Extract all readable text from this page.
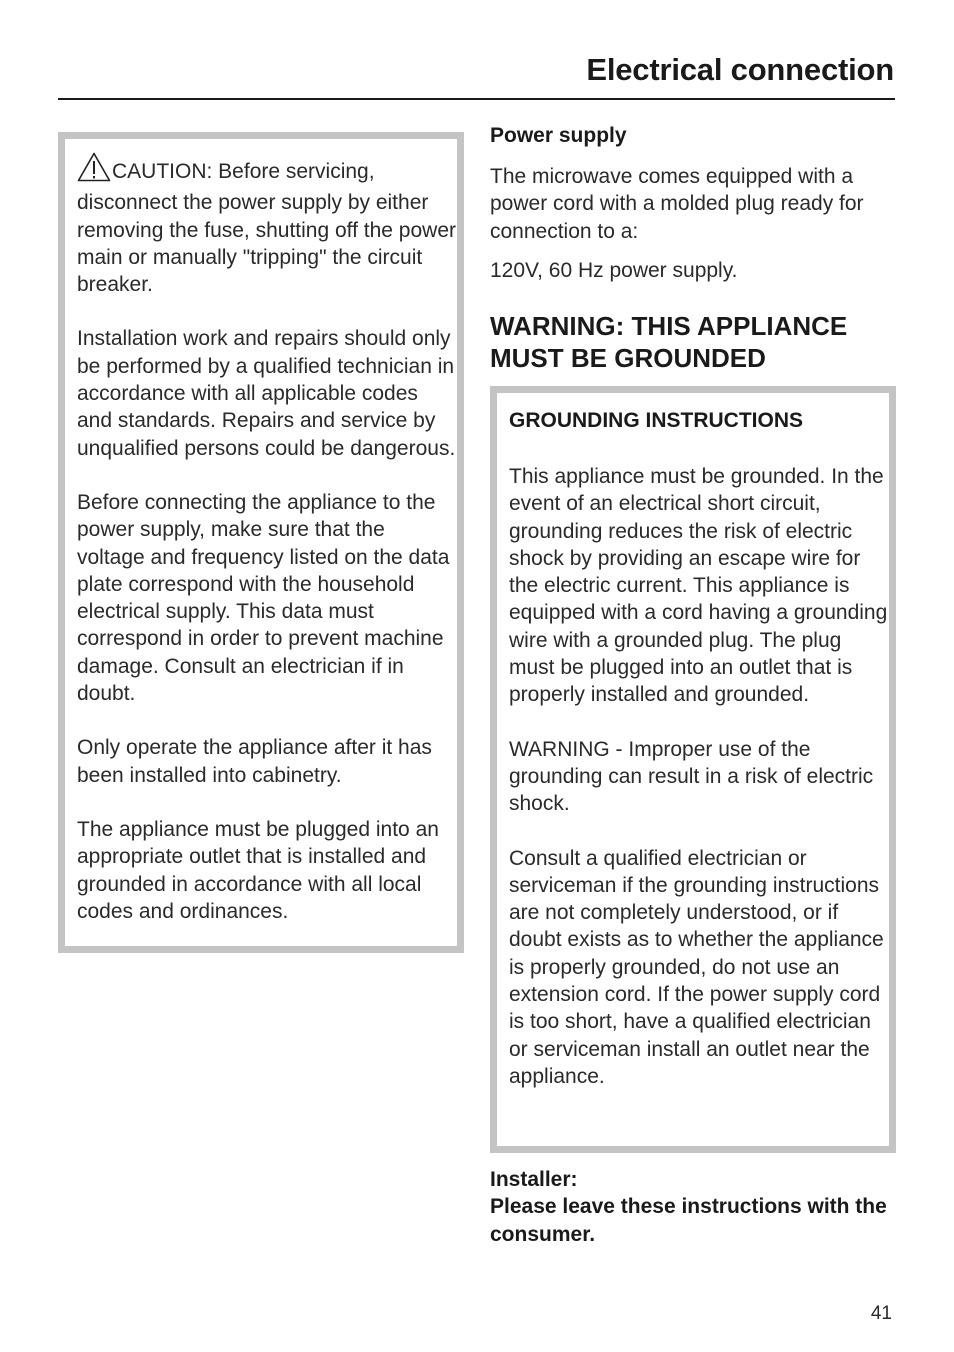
Electrical connection

CAUTION: Before servicing, disconnect the power supply by either removing the fuse, shutting off the power main or manually "tripping" the circuit breaker.

Installation work and repairs should only be performed by a qualified technician in accordance with all applicable codes and standards. Repairs and service by unqualified persons could be dangerous.

Before connecting the appliance to the power supply, make sure that the voltage and frequency listed on the data plate correspond with the household electrical supply. This data must correspond in order to prevent machine damage. Consult an electrician if in doubt.

Only operate the appliance after it has been installed into cabinetry.

The appliance must be plugged into an appropriate outlet that is installed and grounded in accordance with all local codes and ordinances.

Power supply

The microwave comes equipped with a power cord with a molded plug ready for connection to a:

120V, 60 Hz power supply.

WARNING: THIS APPLIANCE MUST BE GROUNDED
GROUNDING INSTRUCTIONS

This appliance must be grounded. In the event of an electrical short circuit, grounding reduces the risk of electric shock by providing an escape wire for the electric current. This appliance is equipped with a cord having a grounding wire with a grounded plug. The plug must be plugged into an outlet that is properly installed and grounded.

WARNING - Improper use of the grounding can result in a risk of electric shock.

Consult a qualified electrician or serviceman if the grounding instructions are not completely understood, or if doubt exists as to whether the appliance is properly grounded, do not use an extension cord. If the power supply cord is too short, have a qualified electrician or serviceman install an outlet near the appliance.

Installer:
Please leave these instructions with the consumer.
41
